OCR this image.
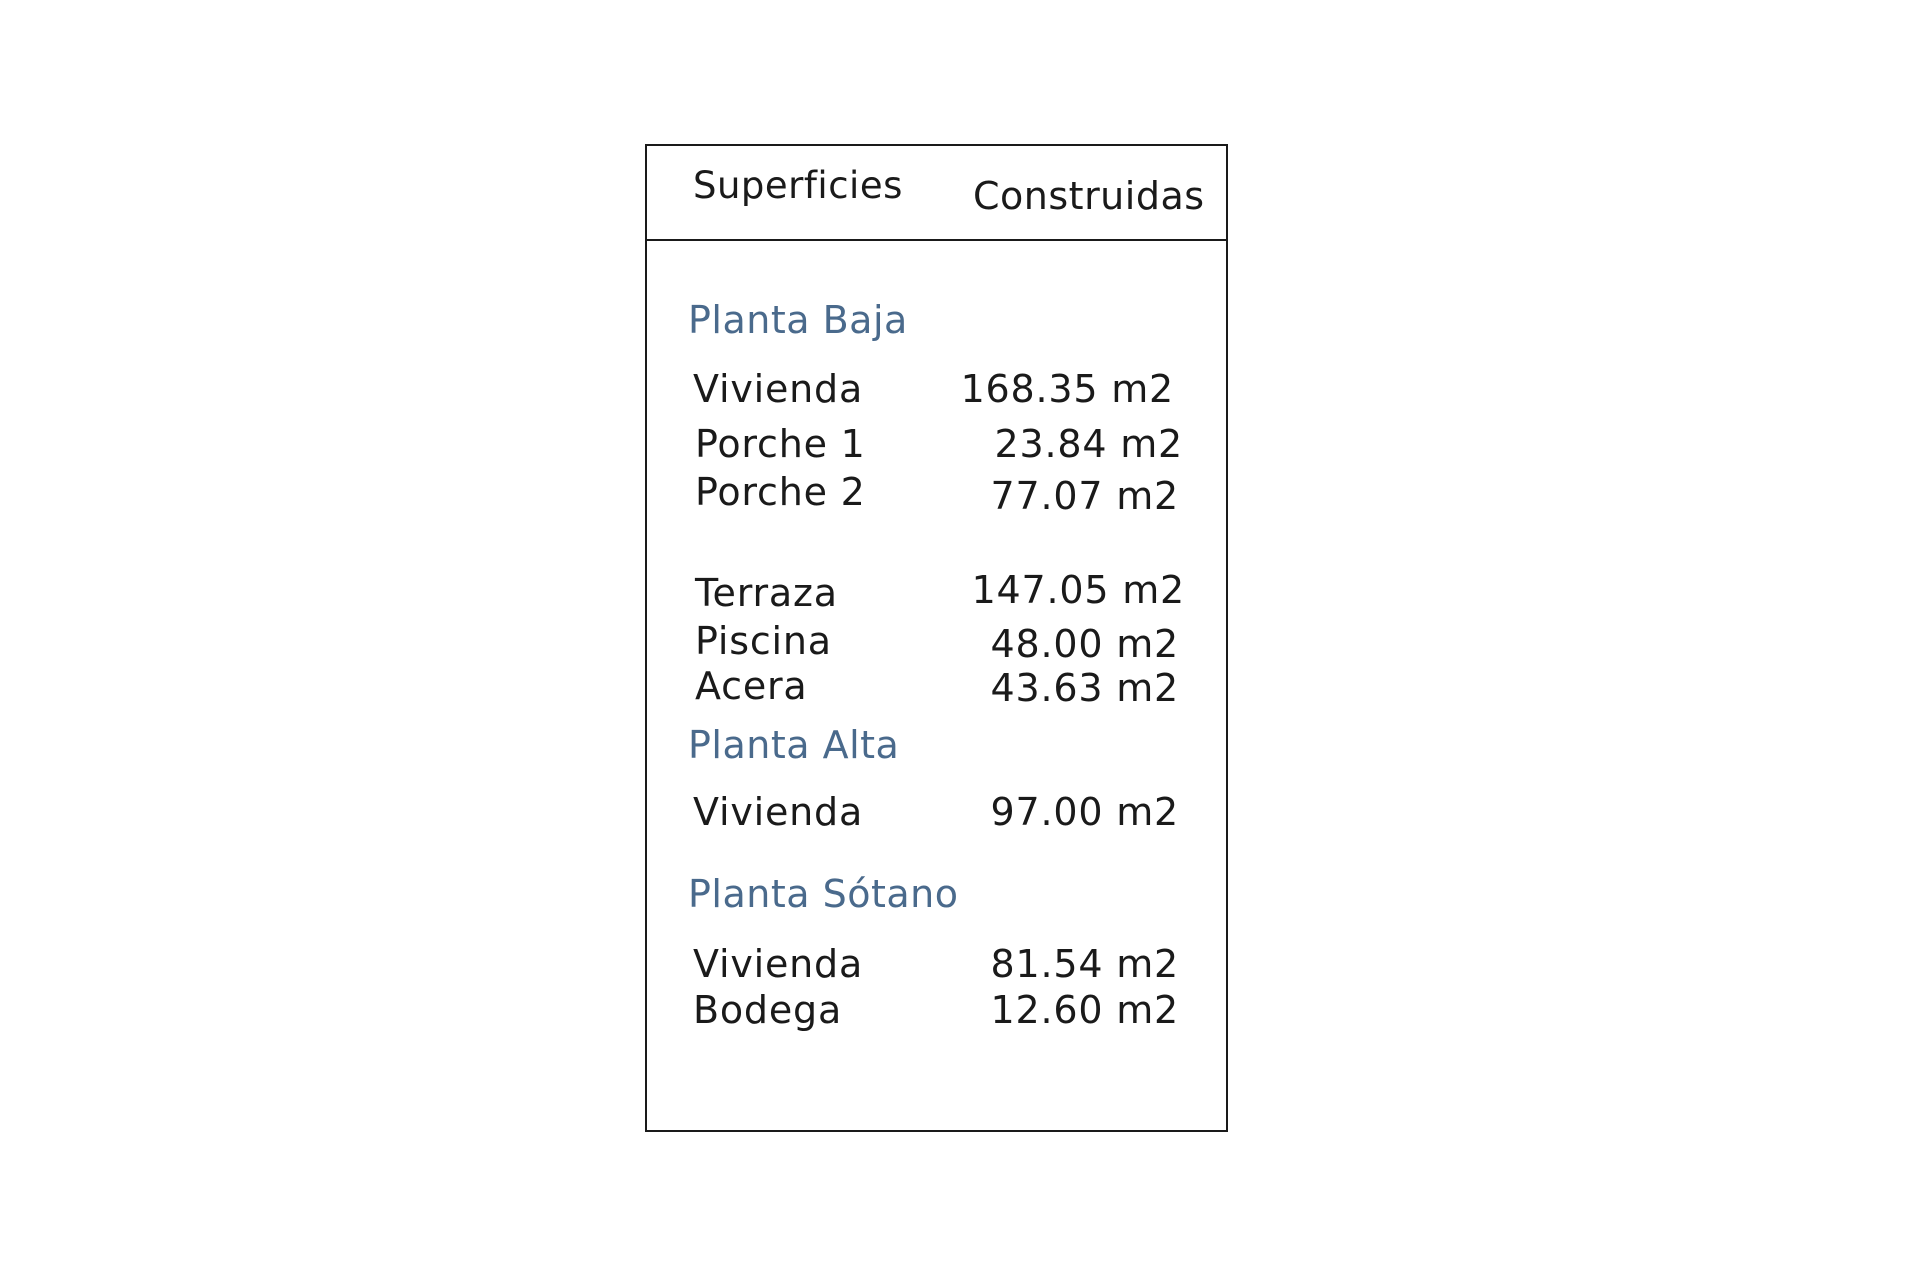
Superficies Construidas
Planta Baja
Vivienda	168.35 m2
Porche 1	23.84 m2
Porche 2	77.07 m2
Terraza	147.05 m2
Piscina	48.00 m2
Acera	43.63 m2
Planta Alta
Vivienda	97.00 m2
Planta Sótano
Vivienda	81.54 m2
Bodega	12.60 m2
